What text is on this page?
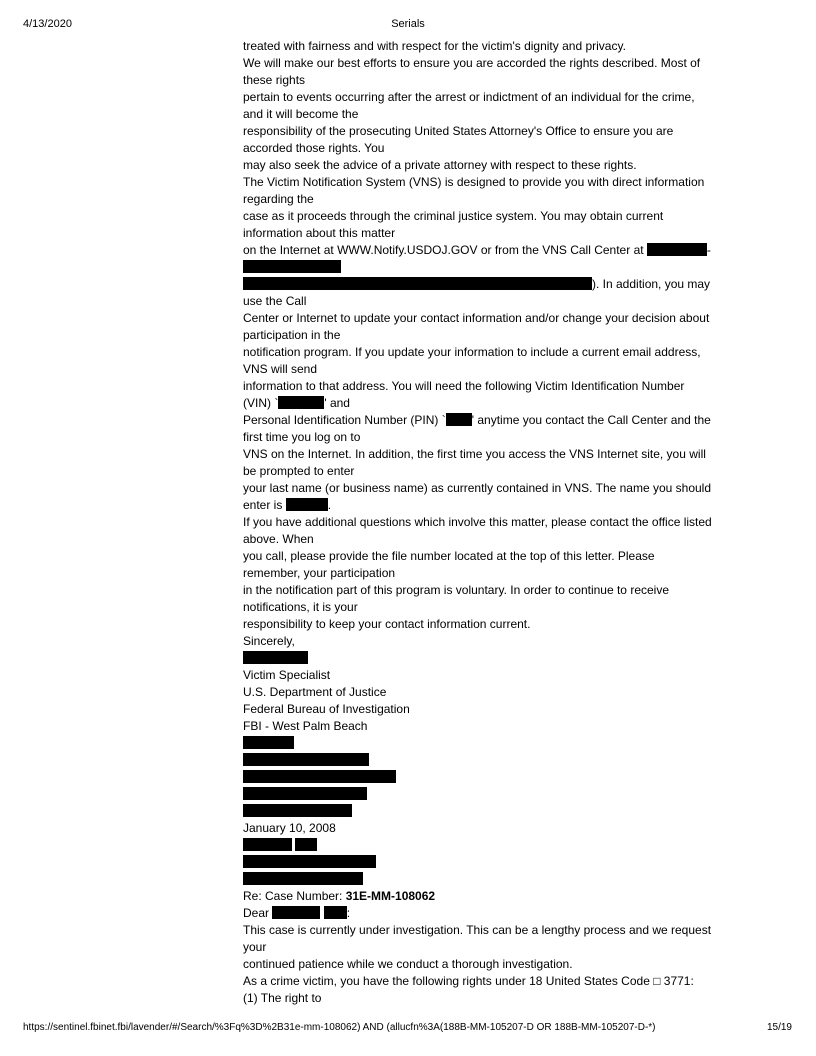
4/13/2020	Serials
treated with fairness and with respect for the victim's dignity and privacy.
We will make our best efforts to ensure you are accorded the rights described. Most of
these rights
pertain to events occurring after the arrest or indictment of an individual for the crime,
and it will become the
responsibility of the prosecuting United States Attorney's Office to ensure you are
accorded those rights. You
may also seek the advice of a private attorney with respect to these rights.
The Victim Notification System (VNS) is designed to provide you with direct information
regarding the
case as it proceeds through the criminal justice system. You may obtain current
information about this matter
on the Internet at WWW.Notify.USDOJ.GOV or from the VNS Call Center at	-
). In addition, you may
use the Call
Center or Internet to update your contact information and/or change your decision about
participation in the
notification program. If you update your information to include a current email address,
VNS will send
information to that address. You will need the following Victim Identification Number
(VIN) `	' and
Personal Identification Number (PIN) ` ' anytime you contact the Call Center and the
first time you log on to
VNS on the Internet. In addition, the first time you access the VNS Internet site, you will
be prompted to enter
your last name (or business name) as currently contained in VNS. The name you should
enter is	.
If you have additional questions which involve this matter, please contact the office listed
above. When
you call, please provide the file number located at the top of this letter. Please
remember, your participation
in the notification part of this program is voluntary. In order to continue to receive
notifications, it is your
responsibility to keep your contact information current.
Sincerely,
Victim Specialist
U.S. Department of Justice
Federal Bureau of Investigation
FBI - West Palm Beach
January 10, 2008

Re: Case Number: 31E-MM-108062
Dear	:
This case is currently under investigation. This can be a lengthy process and we request
your
continued patience while we conduct a thorough investigation.
As a crime victim, you have the following rights under 18 United States Code □ 3771:
(1) The right to
https://sentinel.fbinet.fbi/lavender/#/Search/%3Fq%3D%2B31e-mm-108062) AND (allucfn%3A(188B-MM-105207-D OR 188B-MM-105207-D-*)	15/19
